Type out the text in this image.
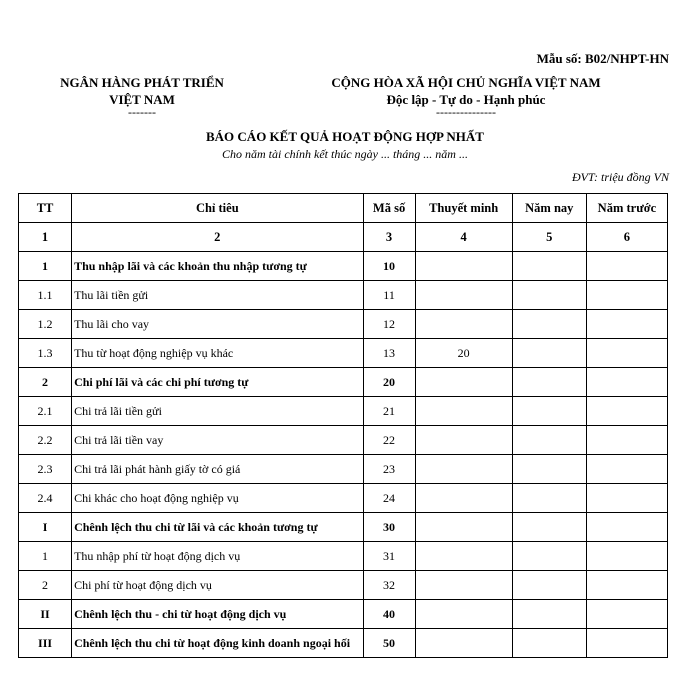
Mẫu số: B02/NHPT-HN
NGÂN HÀNG PHÁT TRIỂN
VIỆT NAM
-------
CỘNG HÒA XÃ HỘI CHỦ NGHĨA VIỆT NAM
Độc lập - Tự do - Hạnh phúc
---------------
BÁO CÁO KẾT QUẢ HOẠT ĐỘNG HỢP NHẤT
Cho năm tài chính kết thúc ngày ... tháng ... năm ...
ĐVT: triệu đồng VN
TT	Chỉ tiêu	Mã số	Thuyết minh	Năm nay	Năm trước
1	2	3	4	5	6
1	Thu nhập lãi và các khoản thu nhập tương tự	10			
1.1	Thu lãi tiền gửi	11			
1.2	Thu lãi cho vay	12			
1.3	Thu từ hoạt động nghiệp vụ khác	13	20		
2	Chi phí lãi và các chi phí tương tự	20			
2.1	Chi trả lãi tiền gửi	21			
2.2	Chi trả lãi tiền vay	22			
2.3	Chi trả lãi phát hành giấy tờ có giá	23			
2.4	Chi khác cho hoạt động nghiệp vụ	24			
I	Chênh lệch thu chi từ lãi và các khoản tương tự	30			
1	Thu nhập phí từ hoạt động dịch vụ	31			
2	Chi phí từ hoạt động dịch vụ	32			
II	Chênh lệch thu - chi từ hoạt động dịch vụ	40			
III	Chênh lệch thu chi từ hoạt động kinh doanh ngoại hối	50			
